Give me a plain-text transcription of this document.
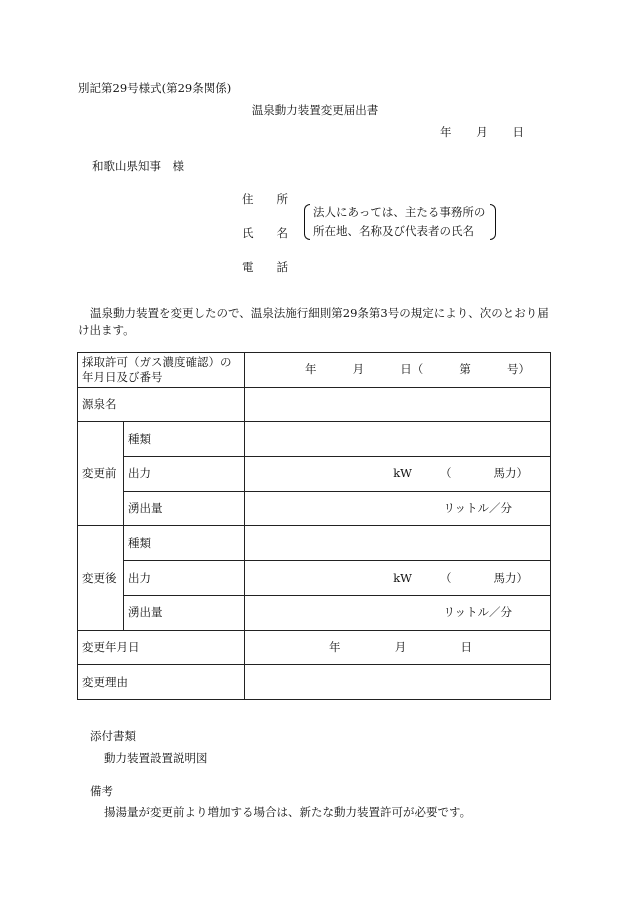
別記第29号様式(第29条関係)
温泉動力装置変更届出書
年 月 日
和歌山県知事　様
住 所
氏 名
電 話
法人にあっては、主たる事務所の
所在地、名称及び代表者の氏名
温泉動力装置を変更したので、温泉法施行細則第29条第3号の規定により、次のとおり届け出ます。
採取許可（ガス濃度確認）の年月日及び番号		年 月 日（ 第 号）

源泉名		
変更前	種類	
	出力	kW （ 馬力）

	湧出量	リットル／分

変更後	種類	
	出力	kW （ 馬力）

	湧出量	リットル／分

変更年月日		年 月 日

変更理由		
添付書類
動力装置設置説明図
備考
揚湯量が変更前より増加する場合は、新たな動力装置許可が必要です。
